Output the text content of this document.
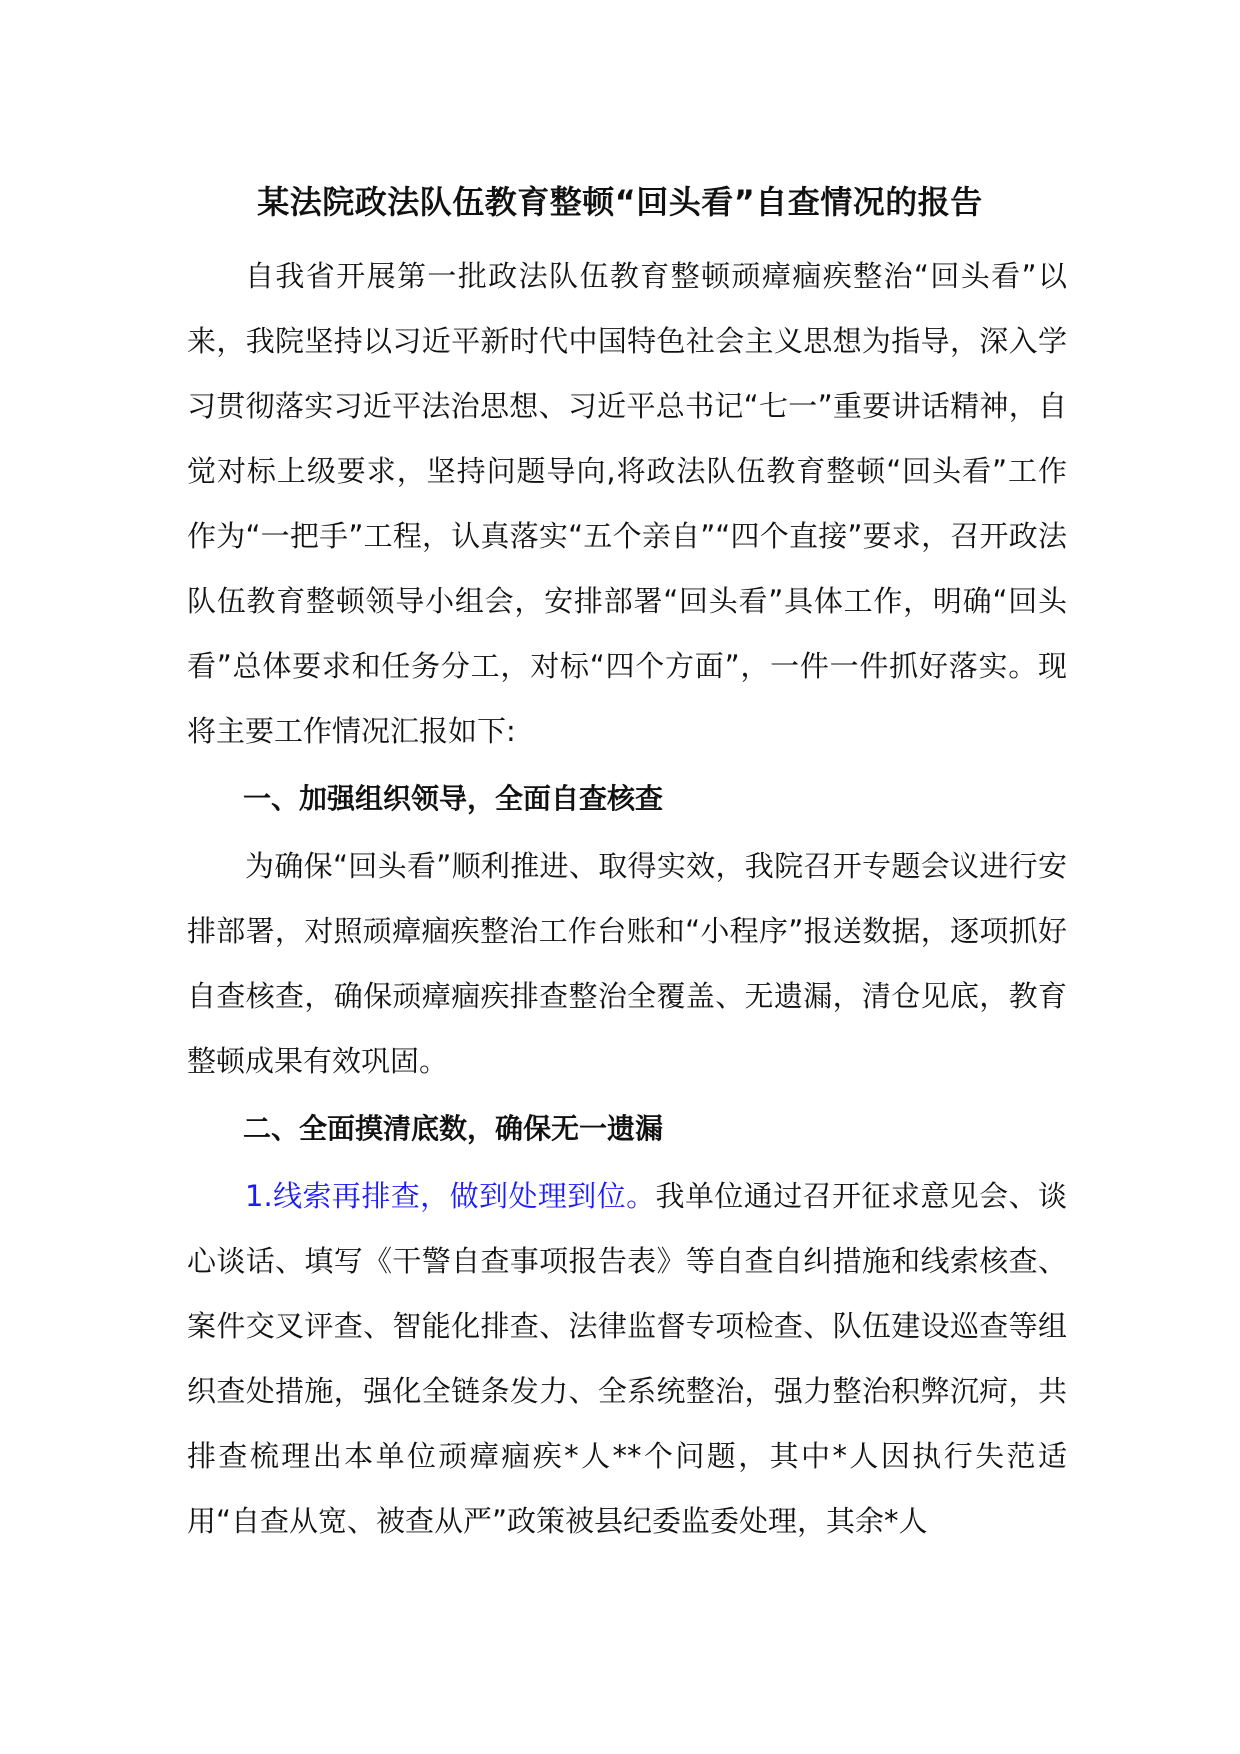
某法院政法队伍教育整顿“回头看”自查情况的报告

自我省开展第一批政法队伍教育整顿顽瘴痼疾整治“回头看”以来，我院坚持以习近平新时代中国特色社会主义思想为指导，深入学习贯彻落实习近平法治思想、习近平总书记“七一”重要讲话精神，自觉对标上级要求，坚持问题导向,将政法队伍教育整顿“回头看”工作作为“一把手”工程，认真落实“五个亲自”“四个直接”要求，召开政法队伍教育整顿领导小组会，安排部署“回头看”具体工作，明确“回头看”总体要求和任务分工，对标“四个方面”，一件一件抓好落实。现将主要工作情况汇报如下:

一、加强组织领导，全面自查核查

为确保“回头看”顺利推进、取得实效，我院召开专题会议进行安排部署，对照顽瘴痼疾整治工作台账和“小程序”报送数据，逐项抓好自查核查，确保顽瘴痼疾排查整治全覆盖、无遗漏，清仓见底，教育整顿成果有效巩固。

二、全面摸清底数，确保无一遗漏

1.线索再排查，做到处理到位。我单位通过召开征求意见会、谈心谈话、填写《干警自查事项报告表》等自查自纠措施和线索核查、案件交叉评查、智能化排查、法律监督专项检查、队伍建设巡查等组织查处措施，强化全链条发力、全系统整治，强力整治积弊沉疴，共排查梳理出本单位顽瘴痼疾*人**个问题，其中*人因执行失范适用“自查从宽、被查从严”政策被县纪委监委处理，其余*人
